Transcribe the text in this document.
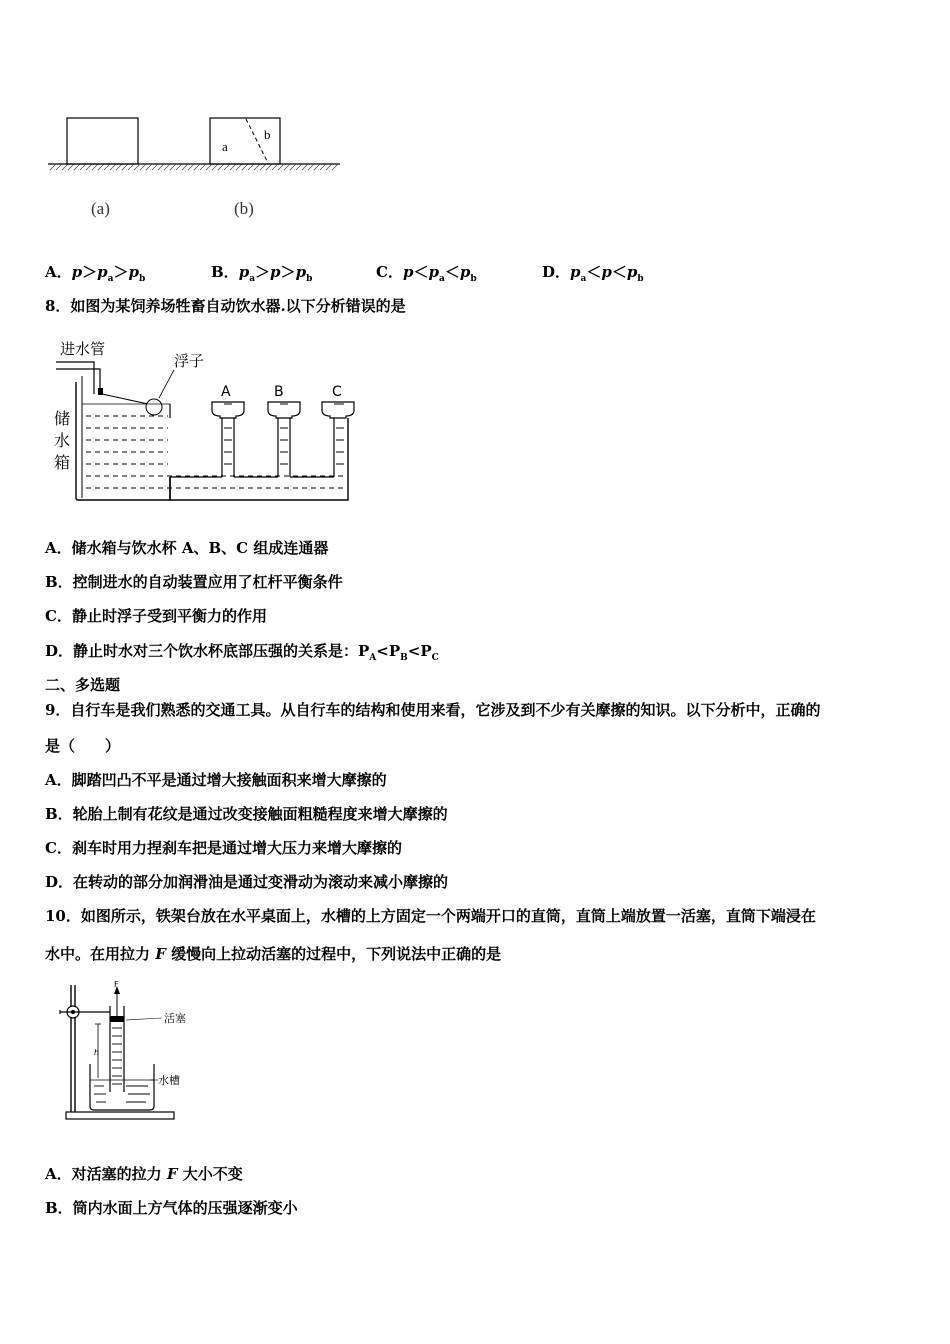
a
b
(a)	(b)
A．$p>p_a>p_b$	B．$p_a>p>p_b$	C．$p<p_a<p_b$	D．$p_a<p<p_b$
8．如图为某饲养场牲畜自动饮水器.以下分析错误的是
进水管
浮子
A	B	C
储
水
箱
A．储水箱与饮水杯 A、B、C 组成连通器
B．控制进水的自动装置应用了杠杆平衡条件
C．静止时浮子受到平衡力的作用
D．静止时水对三个饮水杯底部压强的关系是：$P_A<P_B<P_C$
二、多选题
9．自行车是我们熟悉的交通工具。从自行车的结构和使用来看，它涉及到不少有关摩擦的知识。以下分析中，正确的
是（　　）
A．脚踏凹凸不平是通过增大接触面积来增大摩擦的
B．轮胎上制有花纹是通过改变接触面粗糙程度来增大摩擦的
C．刹车时用力捏刹车把是通过增大压力来增大摩擦的
D．在转动的部分加润滑油是通过变滑动为滚动来减小摩擦的
10．如图所示，铁架台放在水平桌面上，水槽的上方固定一个两端开口的直筒，直筒上端放置一活塞，直筒下端浸在
水中。在用拉力 F 缓慢向上拉动活塞的过程中，下列说法中正确的是
F
h
活塞
水槽
A．对活塞的拉力 F 大小不变
B．筒内水面上方气体的压强逐渐变小
